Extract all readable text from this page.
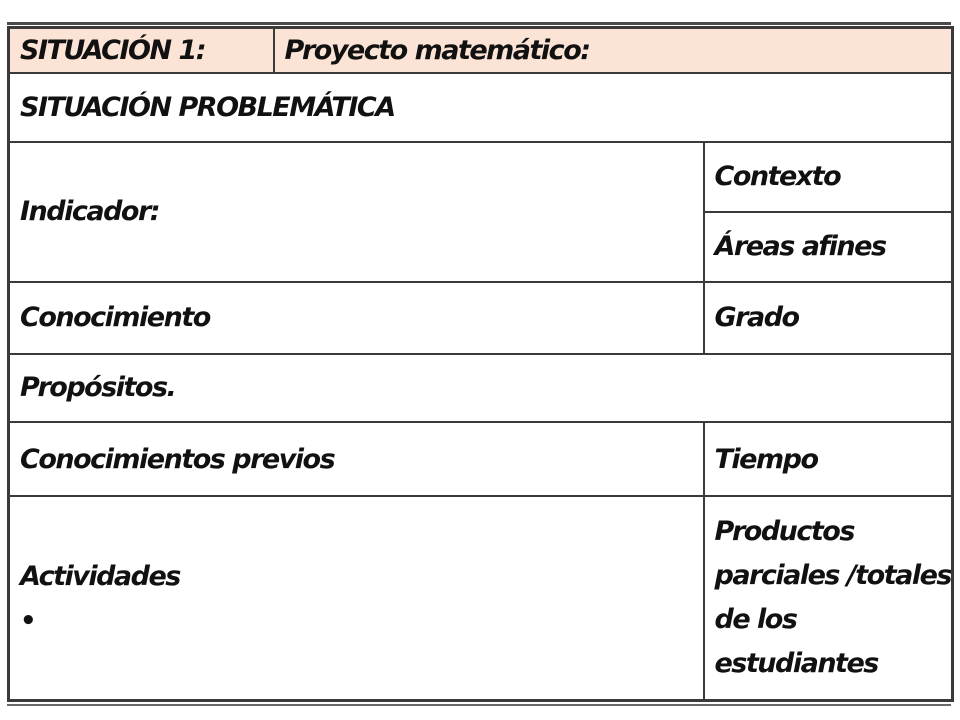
SITUACIÓN 1:	Proyecto matemático:	
SITUACIÓN PROBLEMÁTICA		
Indicador:		Contexto
		Áreas afines
Conocimiento		Grado
Propósitos.		
Conocimientos previos		Tiempo
Actividades
•		Productos parciales /totales de los estudiantes
